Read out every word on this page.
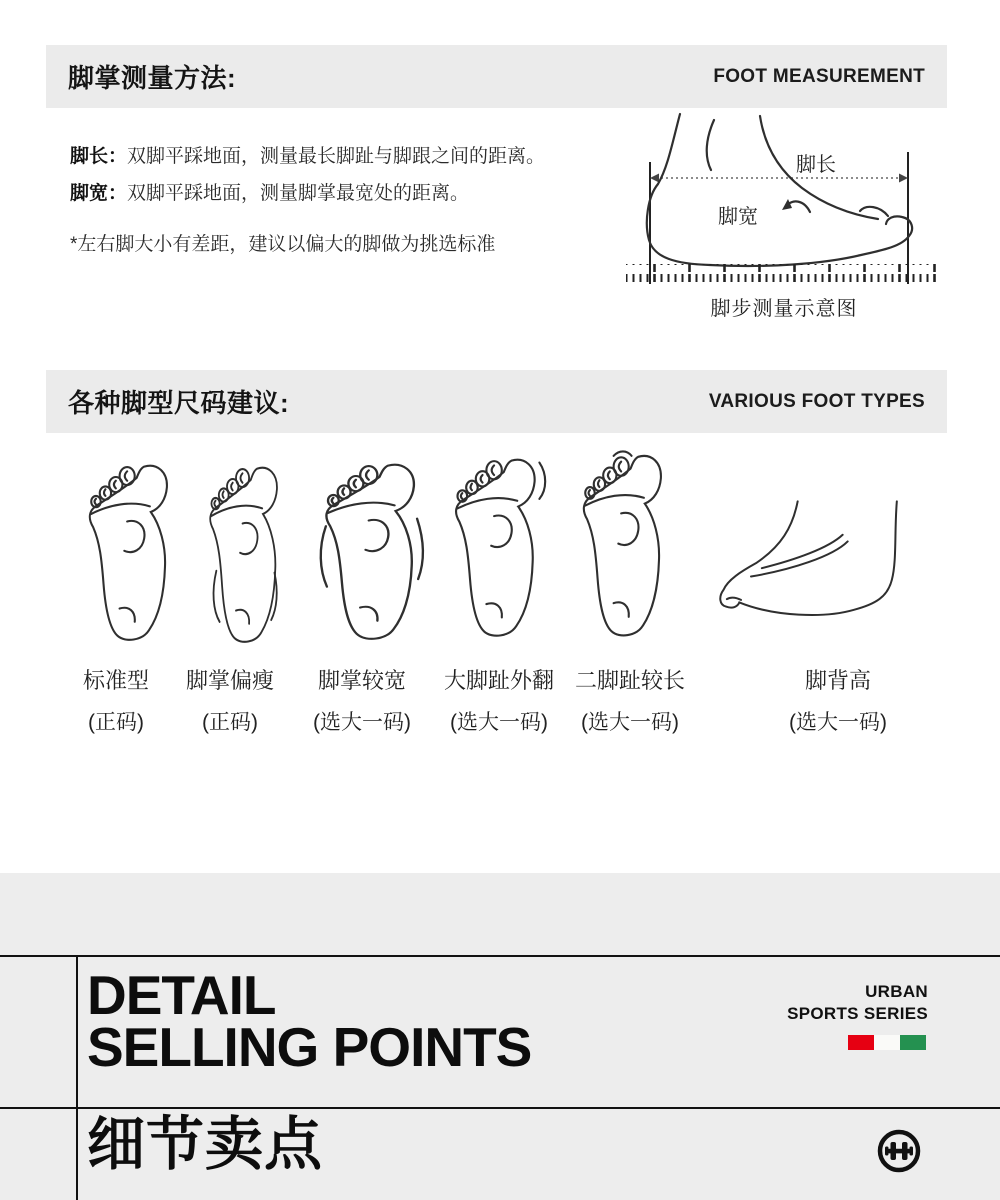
脚掌测量方法:	FOOT MEASUREMENT
脚长：双脚平踩地面，测量最长脚趾与脚跟之间的距离。
脚宽：双脚平踩地面，测量脚掌最宽处的距离。
*左右脚大小有差距，建议以偏大的脚做为挑选标准
脚长
脚宽
脚步测量示意图
各种脚型尺码建议:	VARIOUS FOOT TYPES
标准型
(正码)
脚掌偏瘦
(正码)
脚掌较宽
(选大一码)
大脚趾外翻
(选大一码)
二脚趾较长
(选大一码)
脚背高
(选大一码)
DETAIL
SELLING POINTS
URBAN
SPORTS SERIES
细节卖点
